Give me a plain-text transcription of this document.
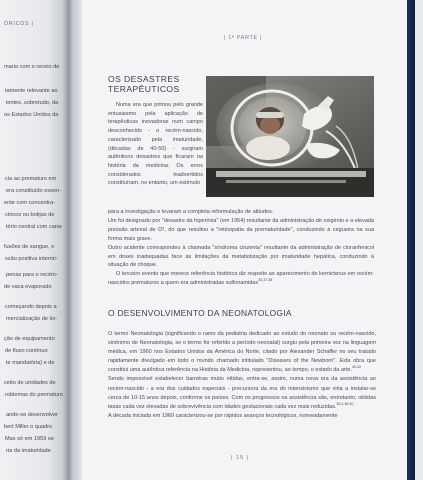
ÓRICOS |
maria com o receio de
tamente relevante ao
ientes, sobretudo, da
os Estados Unidos da
cia ao prematuro em
era constituído essen-
ente com concentra-
ctricos ou botijas de
tério central com cana-
fusões de sangue, e
ssão positiva intermi-
penas para o recém-
de vaca evaporado
começando depois a
mercialização de lei-
ção de equipamento
de fluxo contínuo
te mandatória) e de
ceito de unidades de
roblemas do prematuro
ando-se desenvolver
bert Miller o quadro
Mas só em 1959 se
ria da imaturidade
| 1ª PARTE |
OS DESASTRES TERAPÊUTICOS

Numa era que primou pelo grande entusiasmo pela aplicação de terapêuticas inovadoras num campo desconhecido - o recém-nascido, caracterizado pela imaturidade, (décadas de 40-50) - surgiram autênticos desastres que ficaram na história da medicina. Os erros considerados inadvertidos constituíram, no entanto, um estímulo

para a investigação e levaram a completa reformulação de atitudes.

Um foi designado por "desastre da hiperóxia" (em 1954) resultante da administração de oxigénio e a elevada pressão arterial de O², do que resultou a "retinopatia da prematuridade", conduzindo à cegueira na sua forma mais grave.

Outro acidente correspondeu à chamada "síndroma cinzenta" resultante da administração de cloranfenicol em doses inadequadas face às limitações da metabolização por imaturidade hepática, conduzindo à situação de choque.

O terceiro evento que merece referência histórica diz respeito ao aparecimento de kernicterus em recém-nascidos prematuros a quem era administradas sulfonamidas$^{35,37,38}$

O DESENVOLVIMENTO DA NEONATOLOGIA

O termo Neonatologia (significando o ramo da pediatria dedicado ao estudo do neonato ou recém-nascido, sinónimo de Neonatologia, se o termo for referido a período neonatal) surgiu pela primeira vez na linguagem médica, em 1960 nos Estados Unidos da América do Norte, citado por Alexander Schaffer no seu tratado rapidamente divulgado em todo o mundo chamado intitulado "Diseases of the Newborn". Esta obra que constitui uma autêntica referência na História da Medicina, representou, ao tempo, o estado da arte.$^{40-42}$

Sendo impossível estabelecer barreiras muito nítidas, entra-se, assim, numa nova era da assistência ao recém-nascido - a era dos cuidados especiais - precursora da era do intensivismo que viria a instalar-se cerca de 10-15 anos depois, conforme os países. Com os progressos na assistência são, entretanto, obtidas taxas cada vez elevadas de sobrevivência com idades gestacionais cada vez mais reduzidas.$^{35,3,36,40}$

A década iniciada em 1960 caracterizou-se por rápidos avanços tecnológicos, nomeadamente

| 15 |
